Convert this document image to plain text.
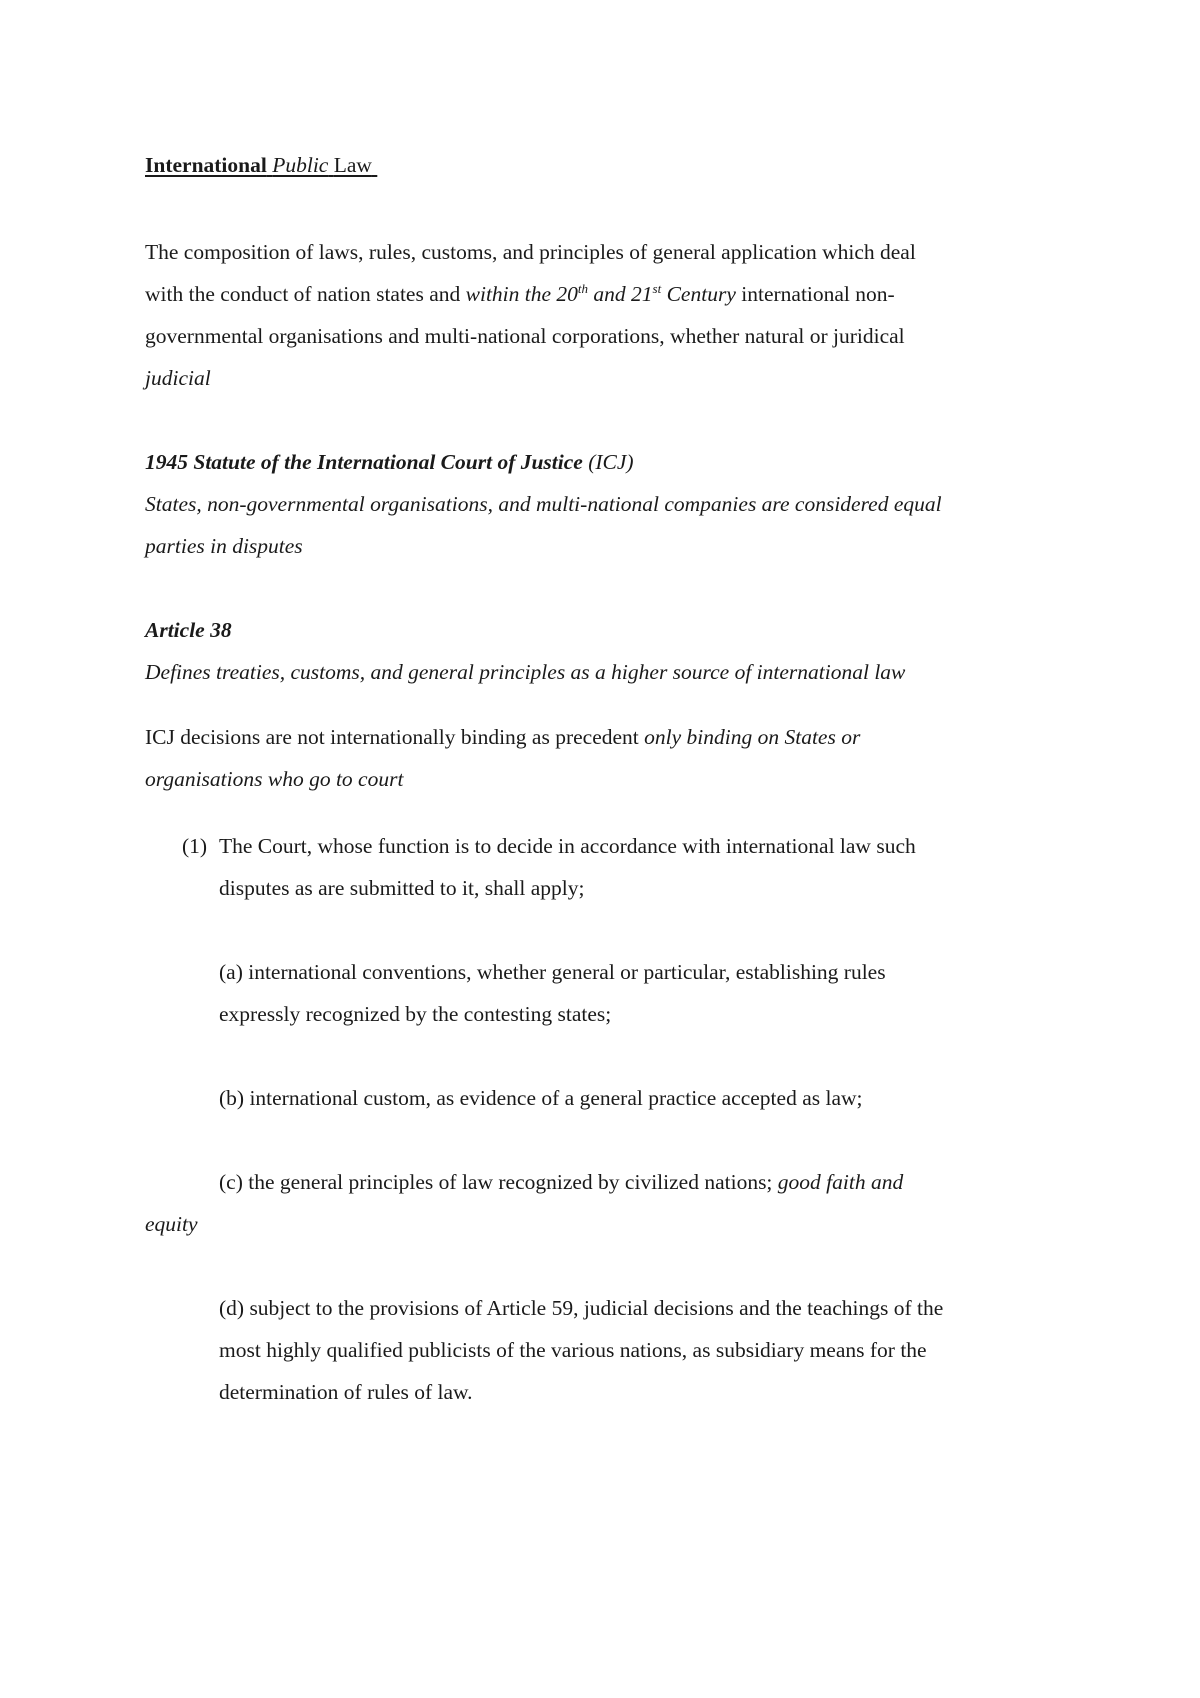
International Public Law
The composition of laws, rules, customs, and principles of general application which deal
with the conduct of nation states and within the 20th and 21st Century international non-
governmental organisations and multi-national corporations, whether natural or juridical
judicial
1945 Statute of the International Court of Justice (ICJ)
States, non-governmental organisations, and multi-national companies are considered equal
parties in disputes
Article 38
Defines treaties, customs, and general principles as a higher source of international law
ICJ decisions are not internationally binding as precedent only binding on States or
organisations who go to court
(1) The Court, whose function is to decide in accordance with international law such
disputes as are submitted to it, shall apply;
(a) international conventions, whether general or particular, establishing rules
expressly recognized by the contesting states;
(b) international custom, as evidence of a general practice accepted as law;
(c) the general principles of law recognized by civilized nations; good faith and
equity
(d) subject to the provisions of Article 59, judicial decisions and the teachings of the
most highly qualified publicists of the various nations, as subsidiary means for the
determination of rules of law.
